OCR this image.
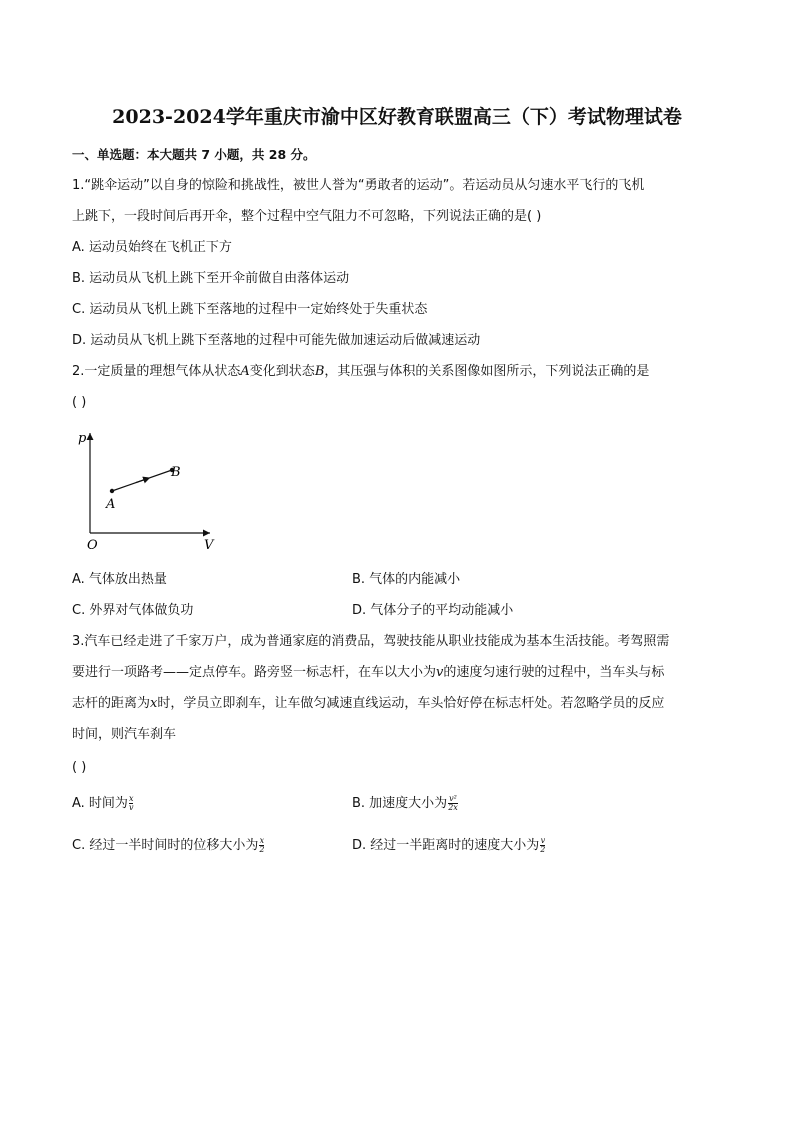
2023-2024学年重庆市渝中区好教育联盟高三（下）考试物理试卷
一、单选题：本大题共 7 小题，共 28 分。
1.“跳伞运动”以自身的惊险和挑战性，被世人誉为“勇敢者的运动”。若运动员从匀速水平飞行的飞机
上跳下，一段时间后再开伞，整个过程中空气阻力不可忽略，下列说法正确的是( )
A. 运动员始终在飞机正下方
B. 运动员从飞机上跳下至开伞前做自由落体运动
C. 运动员从飞机上跳下至落地的过程中一定始终处于失重状态
D. 运动员从飞机上跳下至落地的过程中可能先做加速运动后做减速运动
2.一定质量的理想气体从状态A变化到状态B，其压强与体积的关系图像如图所示，下列说法正确的是
( )
p
V
O
A
B
A. 气体放出热量	B. 气体的内能减小
C. 外界对气体做负功	D. 气体分子的平均动能减小
3.汽车已经走进了千家万户，成为普通家庭的消费品，驾驶技能从职业技能成为基本生活技能。考驾照需
要进行一项路考——定点停车。路旁竖一标志杆，在车以大小为v的速度匀速行驶的过程中，当车头与标
志杆的距离为x时，学员立即刹车，让车做匀减速直线运动，车头恰好停在标志杆处。若忽略学员的反应
时间，则汽车刹车
( )
A. 时间为 $\frac{x}{v}$	B. 加速度大小为 $\frac{\text{v²}}{2x}$
C. 经过一半时间时的位移大小为 $\frac{x}{2}$	D. 经过一半距离时的速度大小为 $\frac{v}{2}$
